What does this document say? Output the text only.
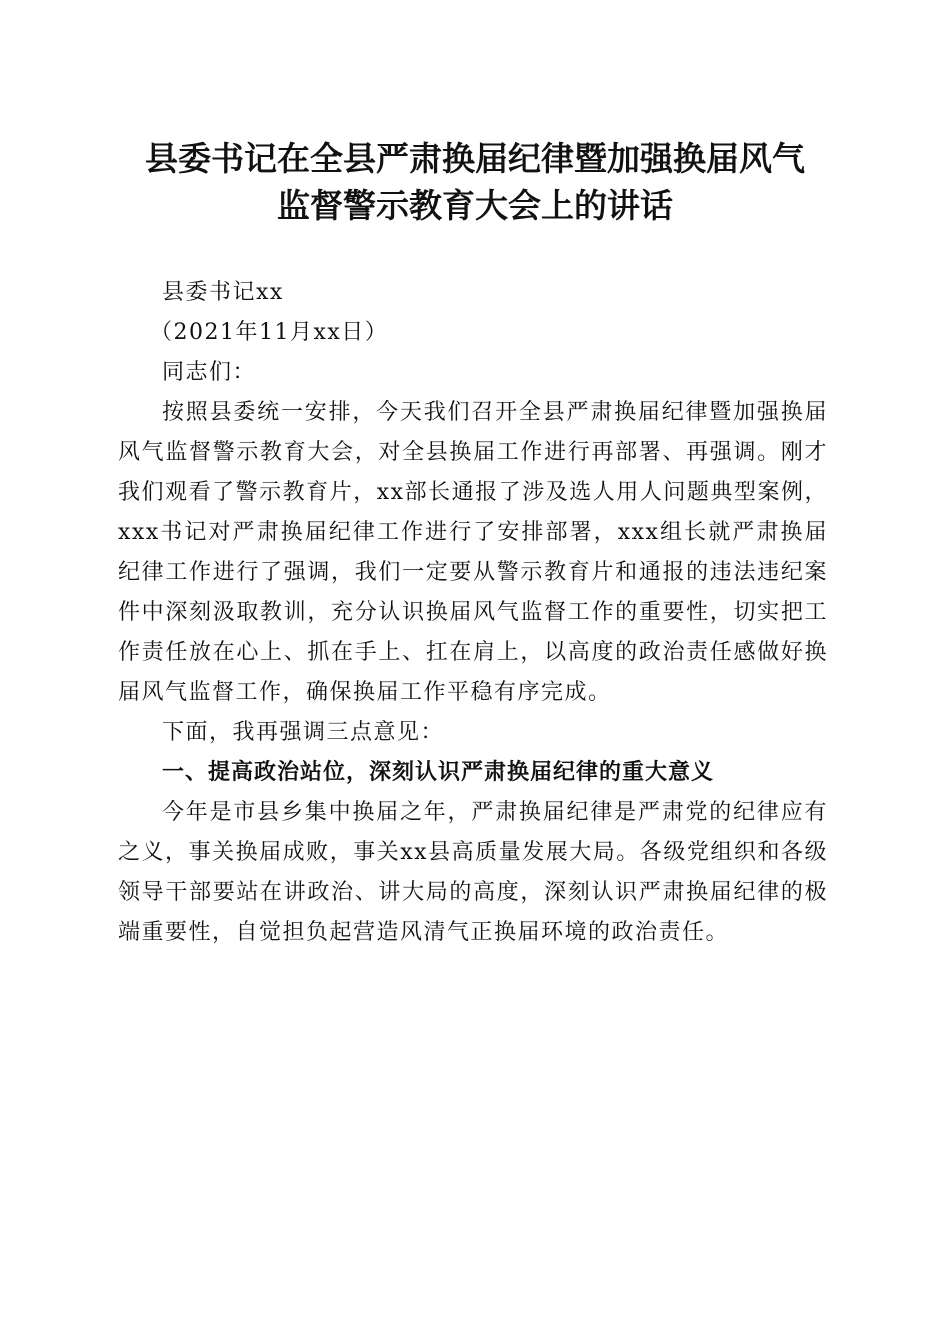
县委书记在全县严肃换届纪律暨加强换届风气
监督警示教育大会上的讲话

县委书记xx

（2021年11月xx日）

同志们：

按照县委统一安排，今天我们召开全县严肃换届纪律暨加强换届风气监督警示教育大会，对全县换届工作进行再部署、再强调。刚才我们观看了警示教育片，xx部长通报了涉及选人用人问题典型案例，xxx书记对严肃换届纪律工作进行了安排部署，xxx组长就严肃换届纪律工作进行了强调，我们一定要从警示教育片和通报的违法违纪案件中深刻汲取教训，充分认识换届风气监督工作的重要性，切实把工作责任放在心上、抓在手上、扛在肩上，以高度的政治责任感做好换届风气监督工作，确保换届工作平稳有序完成。

下面，我再强调三点意见：

一、提高政治站位，深刻认识严肃换届纪律的重大意义

今年是市县乡集中换届之年，严肃换届纪律是严肃党的纪律应有之义，事关换届成败，事关xx县高质量发展大局。各级党组织和各级领导干部要站在讲政治、讲大局的高度，深刻认识严肃换届纪律的极端重要性，自觉担负起营造风清气正换届环境的政治责任。
